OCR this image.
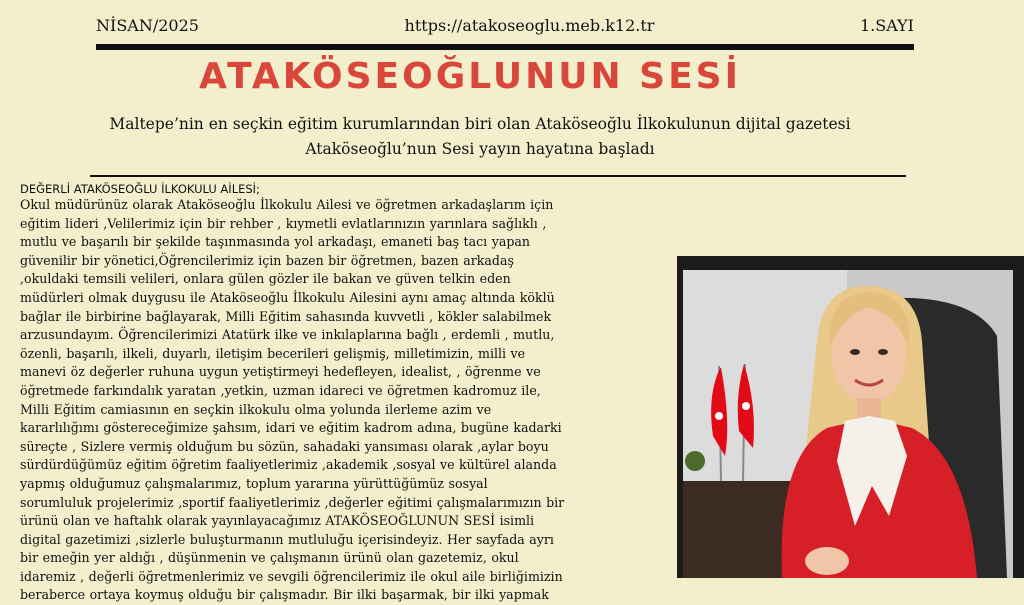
NİSAN/2025	https://atakoseoglu.meb.k12.tr	1.SAYI
ATAKÖSEOĞLUNUN SESİ
Maltepe’nin en seçkin eğitim kurumlarından biri olan Ataköseoğlu İlkokulunun dijital gazetesi
Ataköseoğlu’nun Sesi yayın hayatına başladı
DEĞERLİ ATAKÖSEOĞLU İLKOKULU AİLESİ;
Okul müdürünüz olarak Ataköseoğlu İlkokulu Ailesi ve öğretmen arkadaşlarım için
eğitim lideri ,Velilerimiz için bir rehber , kıymetli evlatlarınızın yarınlara sağlıklı ,
mutlu ve başarılı bir şekilde taşınmasında yol arkadaşı, emaneti baş tacı yapan
güvenilir bir yönetici,Öğrencilerimiz için bazen bir öğretmen, bazen arkadaş
,okuldaki temsili velileri, onlara gülen gözler ile bakan ve güven telkin eden
müdürleri olmak duygusu ile Ataköseoğlu İlkokulu Ailesini aynı amaç altında köklü
bağlar ile birbirine bağlayarak, Milli Eğitim sahasında kuvvetli , kökler salabilmek
arzusundayım. Öğrencilerimizi Atatürk ilke ve inkılaplarına bağlı , erdemli , mutlu,
özenli, başarılı, ilkeli, duyarlı, iletişim becerileri gelişmiş, milletimizin, milli ve
manevi öz değerler ruhuna uygun yetiştirmeyi hedefleyen, idealist, , öğrenme ve
öğretmede farkındalık yaratan ,yetkin, uzman idareci ve öğretmen kadromuz ile,
Milli Eğitim camiasının en seçkin ilkokulu olma yolunda ilerleme azim ve
kararlılığımı göstereceğimize şahsım, idari ve eğitim kadrom adına, bugüne kadarki
süreçte , Sizlere vermiş olduğum bu sözün, sahadaki yansıması olarak ,aylar boyu
sürdürdüğümüz eğitim öğretim faaliyetlerimiz ,akademik ,sosyal ve kültürel alanda
yapmış olduğumuz çalışmalarımız, toplum yararına yürüttüğümüz sosyal
sorumluluk projelerimiz ,sportif faaliyetlerimiz ,değerler eğitimi çalışmalarımızın bir
ürünü olan ve haftalık olarak yayınlayacağımız ATAKÖSEOĞLUNUN SESİ isimli
digital gazetimizi ,sizlerle buluşturmanın mutluluğu içerisindeyiz. Her sayfada ayrı
bir emeğin yer aldığı , düşünmenin ve çalışmanın ürünü olan gazetemiz, okul
idaremiz , değerli öğretmenlerimiz ve sevgili öğrencilerimiz ile okul aile birliğimizin
beraberce ortaya koymuş olduğu bir çalışmadır. Bir ilki başarmak, bir ilki yapmak
